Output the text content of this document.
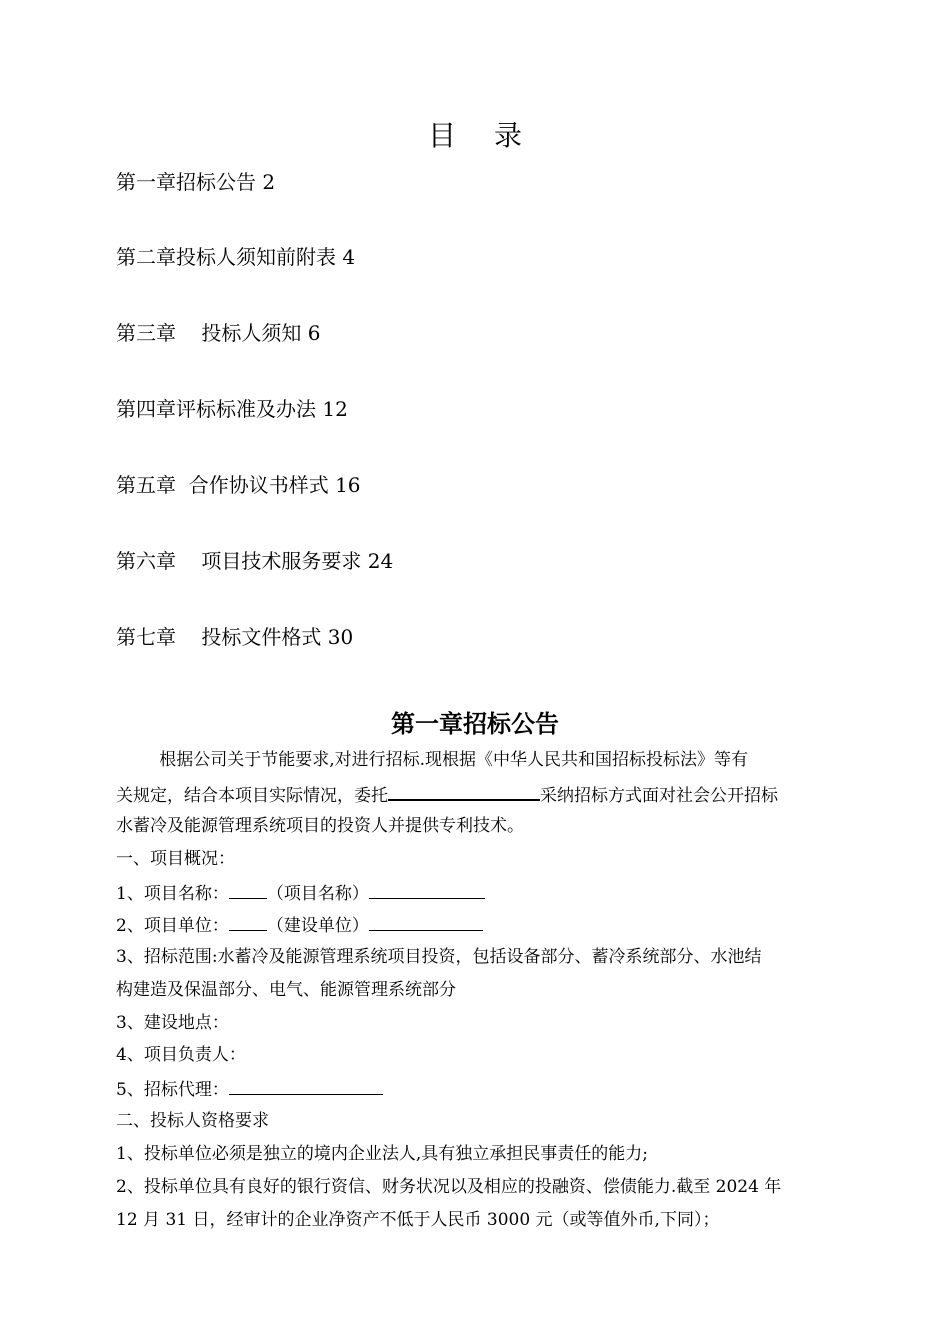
目录
第一章招标公告 2
第二章投标人须知前附表 4
第三章    投标人须知 6
第四章评标标准及办法 12
第五章  合作协议书样式 16
第六章    项目技术服务要求 24
第七章    投标文件格式 30
第一章招标公告
根据公司关于节能要求,对进行招标.现根据《中华人民共和国招标投标法》等有
关规定，结合本项目实际情况，委托	采纳招标方式面对社会公开招标
水蓄冷及能源管理系统项目的投资人并提供专利技术。
一、项目概况：
1、项目名称： （项目名称）
2、项目单位： （建设单位）
3、招标范围:水蓄冷及能源管理系统项目投资，包括设备部分、蓄冷系统部分、水池结
构建造及保温部分、电气、能源管理系统部分
3、建设地点：
4、项目负责人：
5、招标代理：
二、投标人资格要求
1、投标单位必须是独立的境内企业法人,具有独立承担民事责任的能力;
2、投标单位具有良好的银行资信、财务状况以及相应的投融资、偿债能力.截至 2024 年
12 月 31 日，经审计的企业净资产不低于人民币 3000 元（或等值外币,下同）；
